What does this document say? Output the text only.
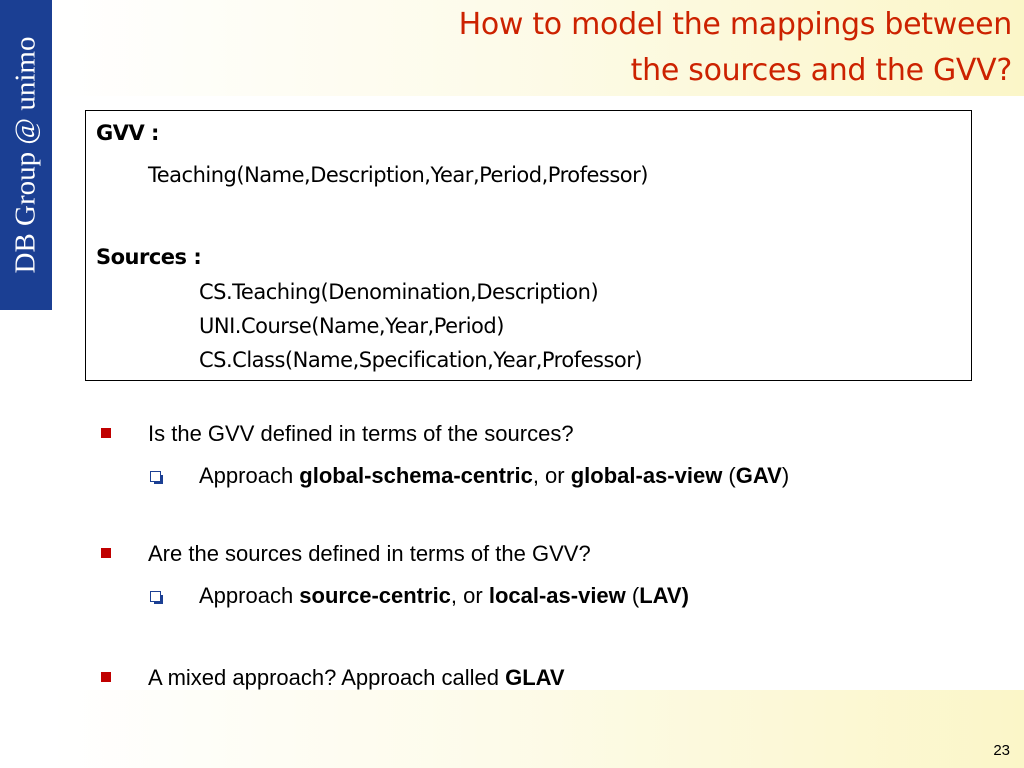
DB Group @ unimo
How to model the mappings between
the sources and the GVV?
GVV :
Teaching(Name,Description,Year,Period,Professor)
Sources :
CS.Teaching(Denomination,Description)
UNI.Course(Name,Year,Period)
CS.Class(Name,Specification,Year,Professor)
Is the GVV defined in terms of the sources?
Approach global-schema-centric, or global-as-view (GAV)
Are the sources defined in terms of the GVV?
Approach source-centric, or local-as-view (LAV)
A mixed approach? Approach called GLAV
23
